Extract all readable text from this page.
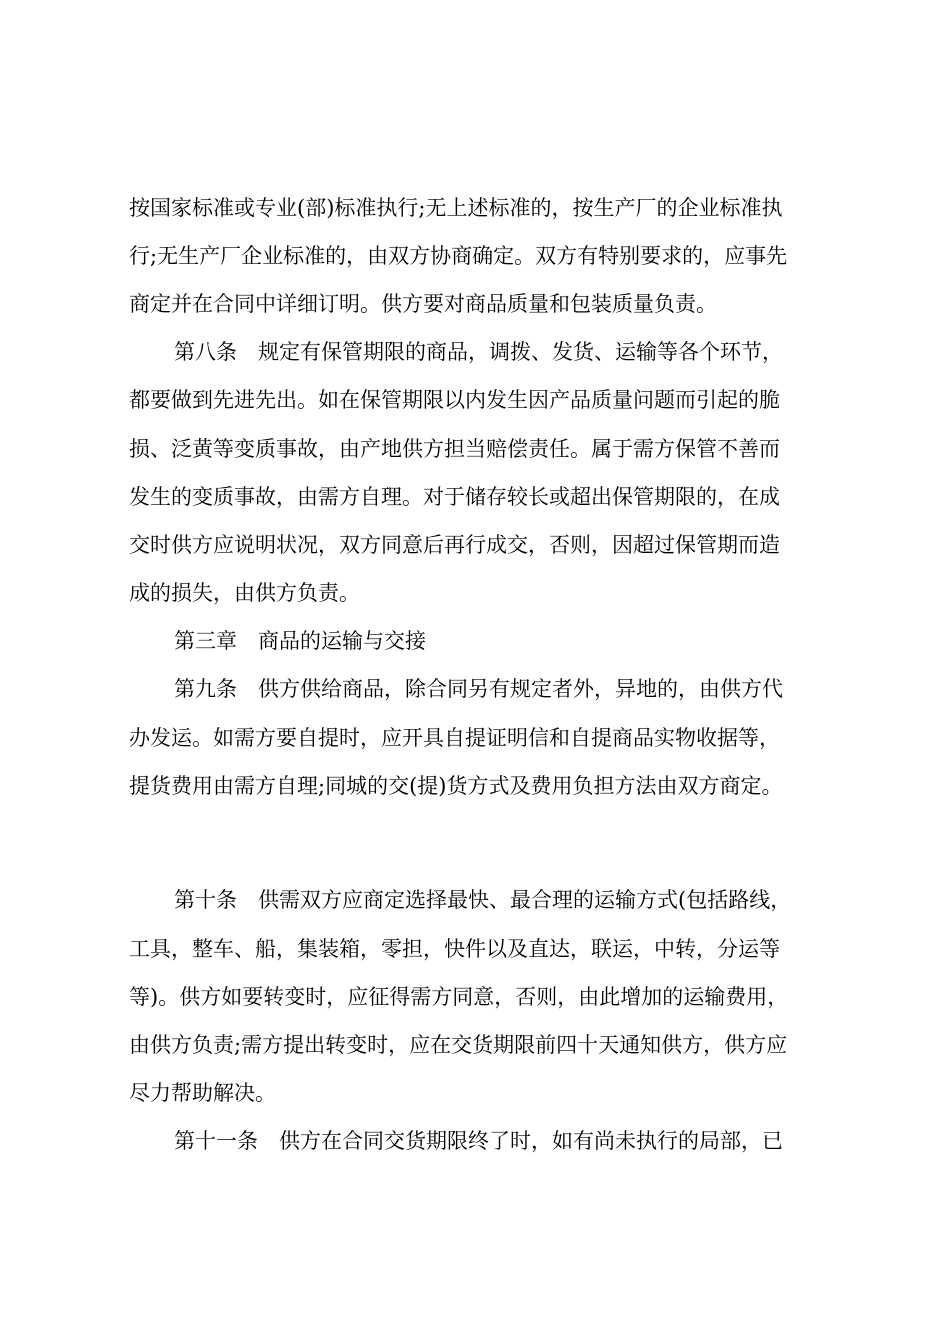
按国家标准或专业(部)标准执行;无上述标准的，按生产厂的企业标准执
行;无生产厂企业标准的，由双方协商确定。双方有特别要求的，应事先
商定并在合同中详细订明。供方要对商品质量和包装质量负责。
第八条　规定有保管期限的商品，调拨、发货、运输等各个环节，
都要做到先进先出。如在保管期限以内发生因产品质量问题而引起的脆
损、泛黄等变质事故，由产地供方担当赔偿责任。属于需方保管不善而
发生的变质事故，由需方自理。对于储存较长或超出保管期限的，在成
交时供方应说明状况，双方同意后再行成交，否则，因超过保管期而造
成的损失，由供方负责。
第三章　商品的运输与交接
第九条　供方供给商品，除合同另有规定者外，异地的，由供方代
办发运。如需方要自提时，应开具自提证明信和自提商品实物收据等，
提货费用由需方自理;同城的交(提)货方式及费用负担方法由双方商定。
第十条　供需双方应商定选择最快、最合理的运输方式(包括路线，
工具，整车、船，集装箱，零担，快件以及直达，联运，中转，分运等
等)。供方如要转变时，应征得需方同意，否则，由此增加的运输费用，
由供方负责;需方提出转变时，应在交货期限前四十天通知供方，供方应
尽力帮助解决。
第十一条　供方在合同交货期限终了时，如有尚未执行的局部，已
